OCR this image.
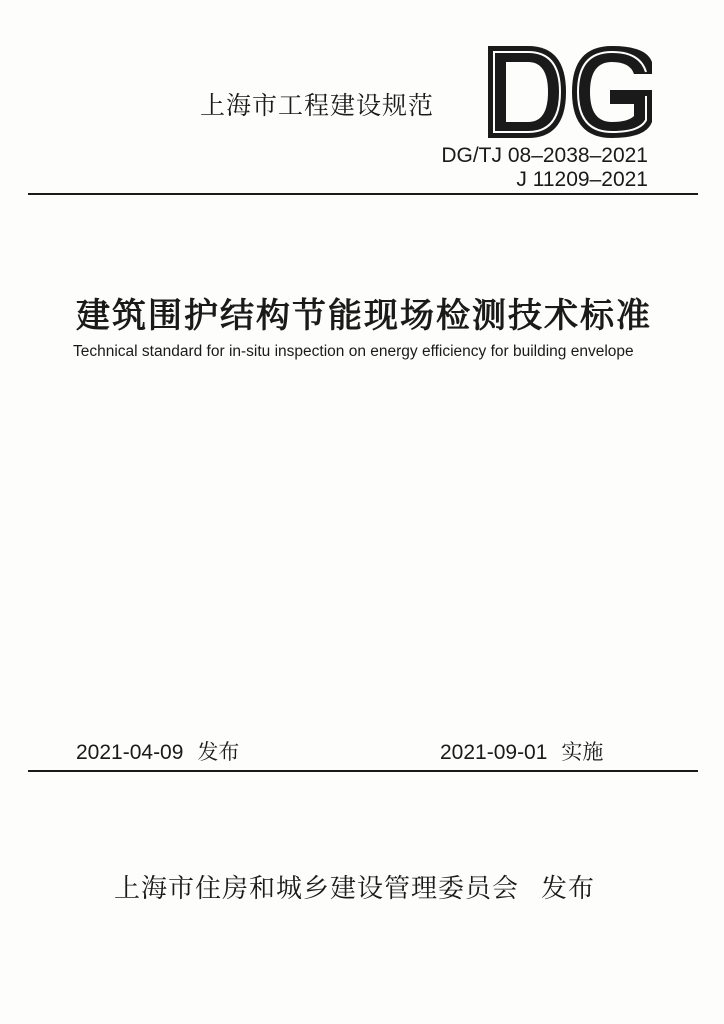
上海市工程建设规范
DG/TJ 08–2038–2021
J 11209–2021
建筑围护结构节能现场检测技术标准
Technical standard for in-situ inspection on energy efficiency for building envelope
2021-04-09 发布	2021-09-01 实施
上海市住房和城乡建设管理委员会 发布
